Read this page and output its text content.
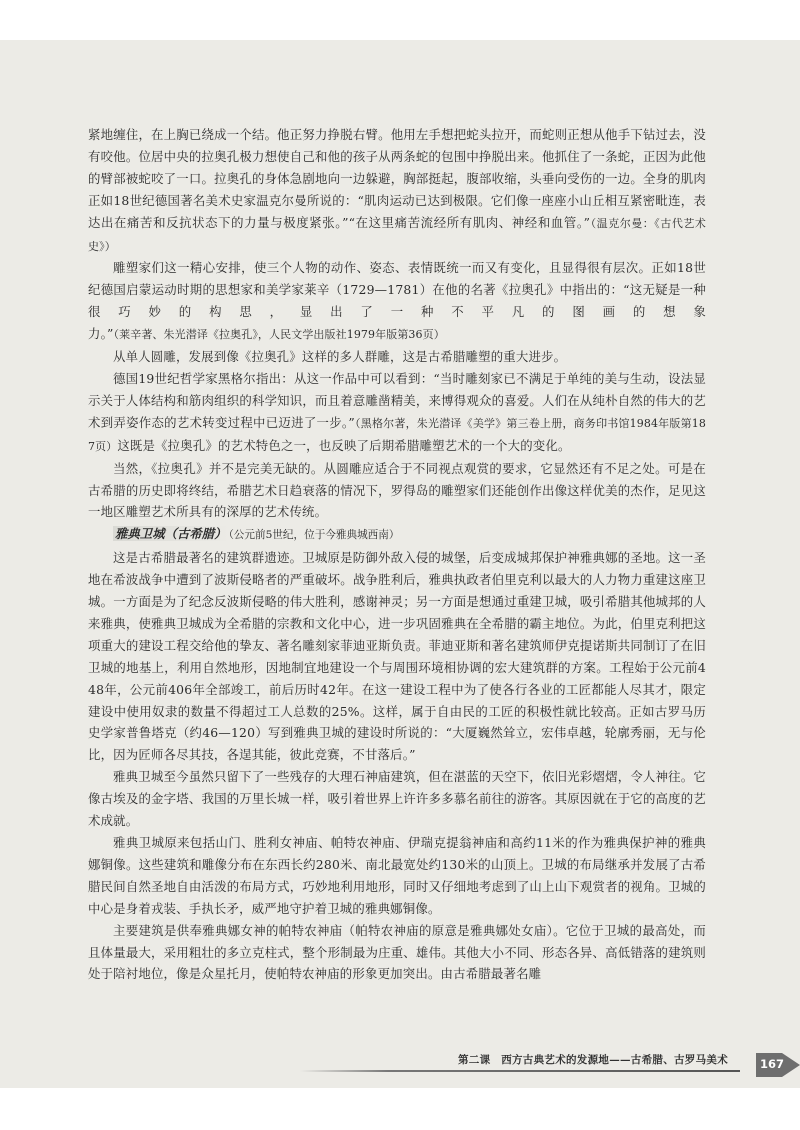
紧地缠住，在上胸已绕成一个结。他正努力挣脱右臂。他用左手想把蛇头拉开，而蛇则正想从他手下钻过去，没有咬他。位居中央的拉奥孔极力想使自己和他的孩子从两条蛇的包围中挣脱出来。他抓住了一条蛇，正因为此他的臂部被蛇咬了一口。拉奥孔的身体急剧地向一边躲避，胸部挺起，腹部收缩，头垂向受伤的一边。全身的肌肉正如18世纪德国著名美术史家温克尔曼所说的：“肌肉运动已达到极限。它们像一座座小山丘相互紧密毗连，表达出在痛苦和反抗状态下的力量与极度紧张。”“在这里痛苦流经所有肌肉、神经和血管。”（温克尔曼：《古代艺术史》）

雕塑家们这一精心安排，使三个人物的动作、姿态、表情既统一而又有变化，且显得很有层次。正如18世纪德国启蒙运动时期的思想家和美学家莱辛（1729—1781）在他的名著《拉奥孔》中指出的：“这无疑是一种很巧妙的构思，显出了一种不平凡的图画的想象力。”（莱辛著、朱光潜译《拉奥孔》，人民文学出版社1979年版第36页）

从单人圆雕，发展到像《拉奥孔》这样的多人群雕，这是古希腊雕塑的重大进步。

德国19世纪哲学家黑格尔指出：从这一作品中可以看到：“当时雕刻家已不满足于单纯的美与生动，设法显示关于人体结构和筋肉组织的科学知识，而且着意雕凿精美，来博得观众的喜爱。人们在从纯朴自然的伟大的艺术到弄姿作态的艺术转变过程中已迈进了一步。”（黑格尔著，朱光潜译《美学》第三卷上册，商务印书馆1984年版第187页）这既是《拉奥孔》的艺术特色之一，也反映了后期希腊雕塑艺术的一个大的变化。

当然，《拉奥孔》并不是完美无缺的。从圆雕应适合于不同视点观赏的要求，它显然还有不足之处。可是在古希腊的历史即将终结，希腊艺术日趋衰落的情况下，罗得岛的雕塑家们还能创作出像这样优美的杰作，足见这一地区雕塑艺术所具有的深厚的艺术传统。

雅典卫城（古希腊） （公元前5世纪，位于今雅典城西南）

这是古希腊最著名的建筑群遗迹。卫城原是防御外敌入侵的城堡，后变成城邦保护神雅典娜的圣地。这一圣地在希波战争中遭到了波斯侵略者的严重破坏。战争胜利后，雅典执政者伯里克利以最大的人力物力重建这座卫城。一方面是为了纪念反波斯侵略的伟大胜利，感谢神灵；另一方面是想通过重建卫城，吸引希腊其他城邦的人来雅典，使雅典卫城成为全希腊的宗教和文化中心，进一步巩固雅典在全希腊的霸主地位。为此，伯里克利把这项重大的建设工程交给他的挚友、著名雕刻家菲迪亚斯负责。菲迪亚斯和著名建筑师伊克提诺斯共同制订了在旧卫城的地基上，利用自然地形，因地制宜地建设一个与周围环境相协调的宏大建筑群的方案。工程始于公元前448年，公元前406年全部竣工，前后历时42年。在这一建设工程中为了使各行各业的工匠都能人尽其才，限定建设中使用奴隶的数量不得超过工人总数的25%。这样，属于自由民的工匠的积极性就比较高。正如古罗马历史学家普鲁塔克（约46—120）写到雅典卫城的建设时所说的：“大厦巍然耸立，宏伟卓越，轮廓秀丽，无与伦比，因为匠师各尽其技，各逞其能，彼此竞赛，不甘落后。”

雅典卫城至今虽然只留下了一些残存的大理石神庙建筑，但在湛蓝的天空下，依旧光彩熠熠，令人神往。它像古埃及的金字塔、我国的万里长城一样，吸引着世界上许许多多慕名前往的游客。其原因就在于它的高度的艺术成就。

雅典卫城原来包括山门、胜利女神庙、帕特农神庙、伊瑞克提翁神庙和高约11米的作为雅典保护神的雅典娜铜像。这些建筑和雕像分布在东西长约280米、南北最宽处约130米的山顶上。卫城的布局继承并发展了古希腊民间自然圣地自由活泼的布局方式，巧妙地利用地形，同时又仔细地考虑到了山上山下观赏者的视角。卫城的中心是身着戎装、手执长矛，威严地守护着卫城的雅典娜铜像。

主要建筑是供奉雅典娜女神的帕特农神庙（帕特农神庙的原意是雅典娜处女庙）。它位于卫城的最高处，而且体量最大，采用粗壮的多立克柱式，整个形制最为庄重、雄伟。其他大小不同、形态各异、高低错落的建筑则处于陪衬地位，像是众星托月，使帕特农神庙的形象更加突出。由古希腊最著名雕

第二课　西方古典艺术的发源地——古希腊、古罗马美术	167
